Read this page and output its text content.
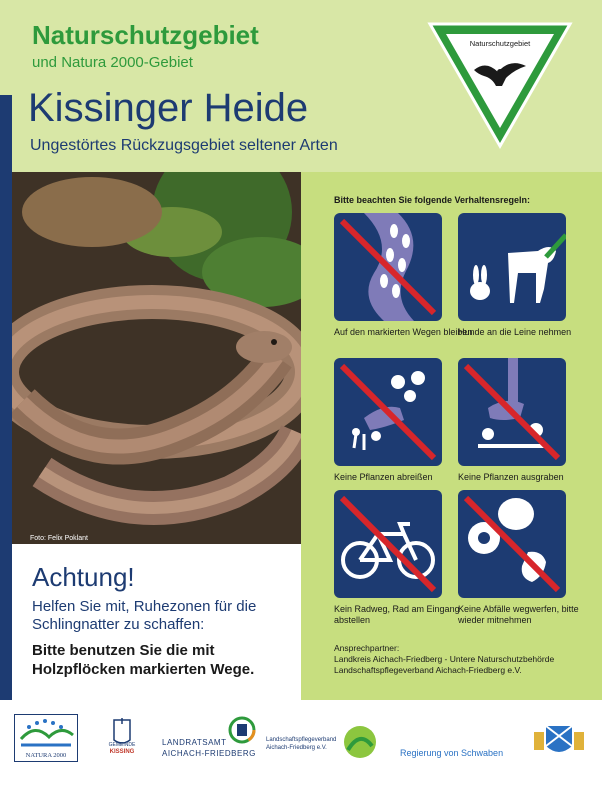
Naturschutzgebiet
und Natura 2000-Gebiet
Kissinger Heide
Ungestörtes Rückzugsgebiet seltener Arten
Naturschutzgebiet
Foto: Felix Poklant
Achtung!
Helfen Sie mit, Ruhezonen für die Schlingnatter zu schaffen:
Bitte benutzen Sie die mit Holzpflöcken markierten Wege.
Bitte beachten Sie folgende Verhaltensregeln:
Auf den markierten Wegen bleiben
Hunde an die Leine nehmen
Keine Pflanzen abreißen	Keine Pflanzen ausgraben
Kein Radweg, Rad am Eingang abstellen
Keine Abfälle wegwerfen, bitte wieder mitnehmen
Ansprechpartner:
Landkreis Aichach-Friedberg - Untere Naturschutzbehörde
Landschaftspflegeverband Aichach-Friedberg e.V.
NATURA 2000
GEMEINDE
KISSING
LANDRATSAMT
AICHACH-FRIEDBERG
Landschaftspflegeverband
Aichach-Friedberg e.V.	Regierung von Schwaben
